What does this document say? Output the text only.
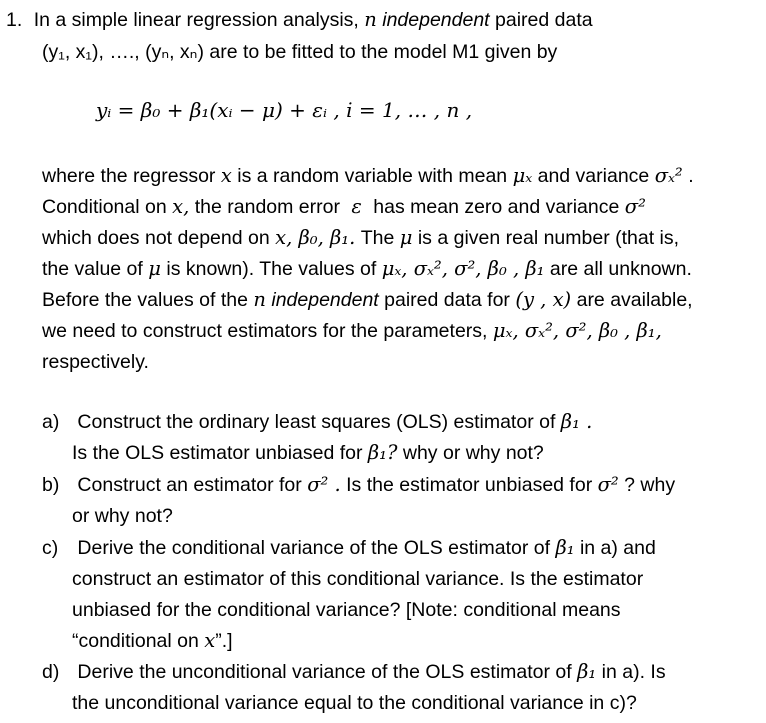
1. In a simple linear regression analysis, n independent paired data
(y₁, x₁), …., (yₙ, xₙ) are to be fitted to the model M1 given by
yᵢ = β₀ + β₁(xᵢ − μ) + εᵢ , i = 1, … , n ,
where the regressor x is a random variable with mean μₓ and variance σₓ² .
Conditional on x, the random error ε has mean zero and variance σ²
which does not depend on x, β₀, β₁. The μ is a given real number (that is,
the value of μ is known). The values of μₓ, σₓ², σ², β₀ , β₁ are all unknown.
Before the values of the n independent paired data for (y , x) are available,
we need to construct estimators for the parameters, μₓ, σₓ², σ², β₀ , β₁,
respectively.
a) Construct the ordinary least squares (OLS) estimator of β₁ .
Is the OLS estimator unbiased for β₁? why or why not?
b) Construct an estimator for σ² . Is the estimator unbiased for σ² ? why
or why not?
c) Derive the conditional variance of the OLS estimator of β₁ in a) and
construct an estimator of this conditional variance. Is the estimator
unbiased for the conditional variance? [Note: conditional means
“conditional on x”.]
d) Derive the unconditional variance of the OLS estimator of β₁ in a). Is
the unconditional variance equal to the conditional variance in c)?
